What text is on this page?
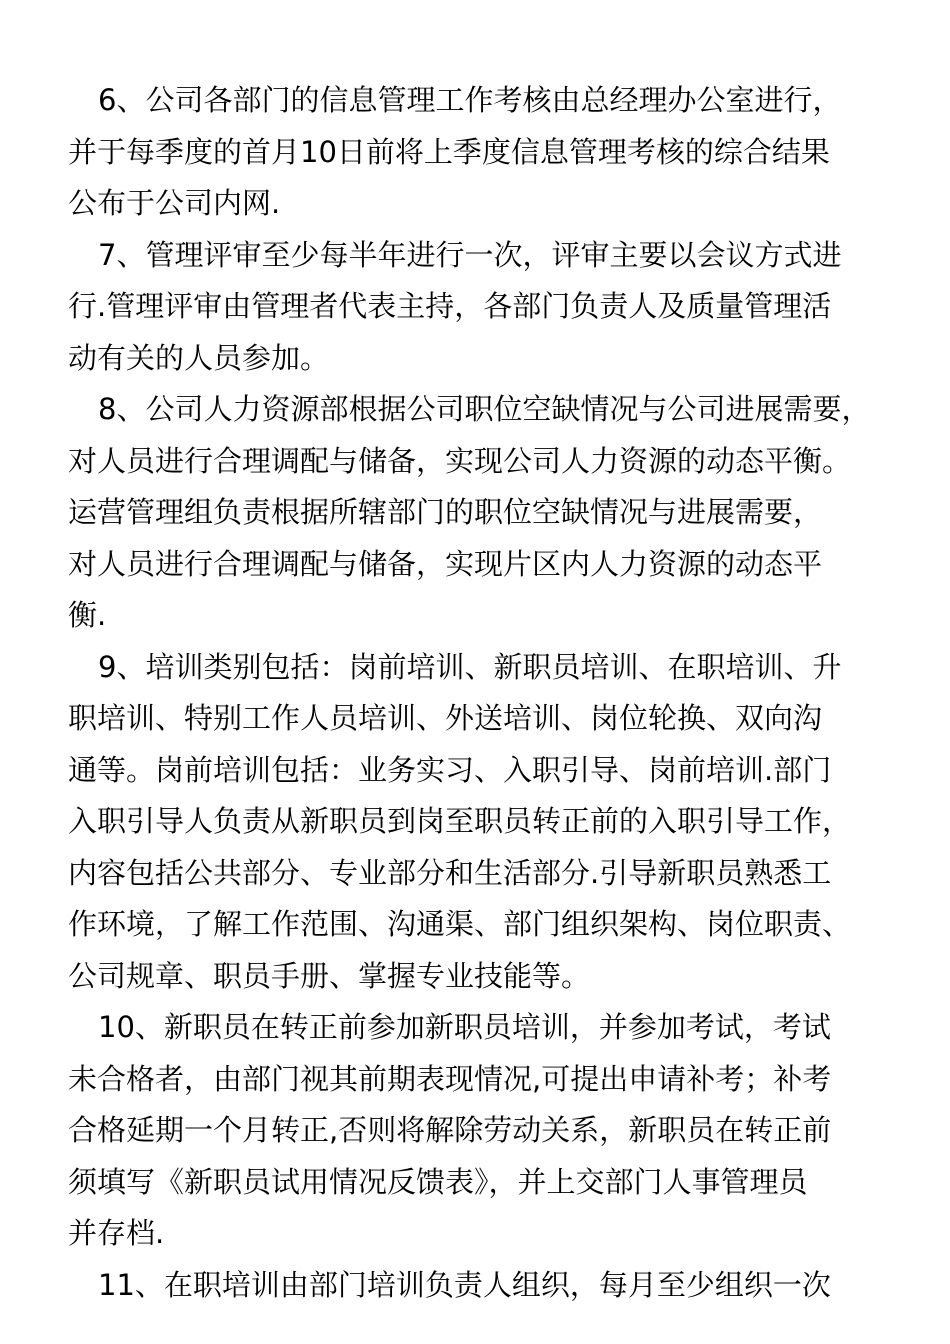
6、公司各部门的信息管理工作考核由总经理办公室进行，
并于每季度的首月10日前将上季度信息管理考核的综合结果
公布于公司内网.
7、管理评审至少每半年进行一次，评审主要以会议方式进
行.管理评审由管理者代表主持，各部门负责人及质量管理活
动有关的人员参加。
8、公司人力资源部根据公司职位空缺情况与公司进展需要，
对人员进行合理调配与储备，实现公司人力资源的动态平衡。
运营管理组负责根据所辖部门的职位空缺情况与进展需要，
对人员进行合理调配与储备，实现片区内人力资源的动态平
衡.
9、培训类别包括：岗前培训、新职员培训、在职培训、升
职培训、特别工作人员培训、外送培训、岗位轮换、双向沟
通等。岗前培训包括：业务实习、入职引导、岗前培训.部门
入职引导人负责从新职员到岗至职员转正前的入职引导工作，
内容包括公共部分、专业部分和生活部分.引导新职员熟悉工
作环境，了解工作范围、沟通渠、部门组织架构、岗位职责、
公司规章、职员手册、掌握专业技能等。
10、新职员在转正前参加新职员培训，并参加考试，考试
未合格者，由部门视其前期表现情况,可提出申请补考；补考
合格延期一个月转正,否则将解除劳动关系，新职员在转正前
须填写《新职员试用情况反馈表》，并上交部门人事管理员
并存档.
11、在职培训由部门培训负责人组织，每月至少组织一次
